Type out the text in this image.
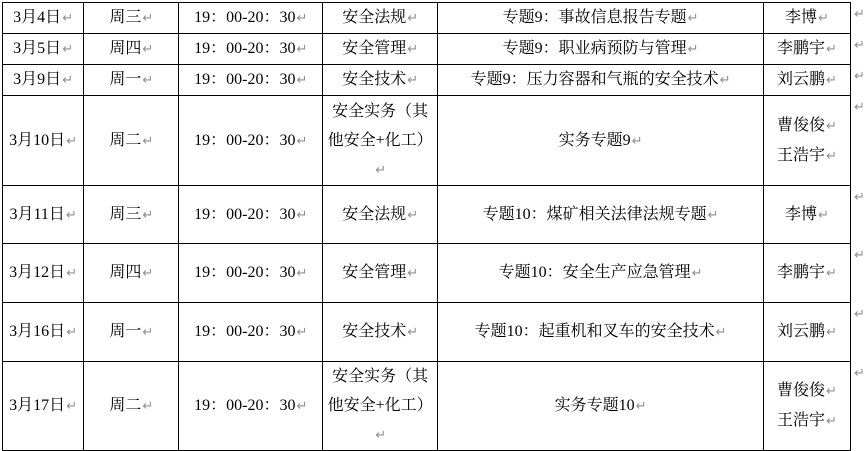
3月4日↵	周三↵	19：00-20：30↵	安全法规↵	专题9：事故信息报告专题↵	李博↵	↵

3月5日↵	周四↵	19：00-20：30↵	安全管理↵	专题9：职业病预防与管理↵	李鹏宇↵	↵

3月9日↵	周一↵	19：00-20：30↵	安全技术↵	专题9：压力容器和气瓶的安全技术↵	刘云鹏↵	↵

3月10日↵	周二↵	19：00-20：30↵	安全实务（其他安全+化工）↵	实务专题9↵	曹俊俊↵
王浩宇↵	↵

3月11日↵	周三↵	19：00-20：30↵	安全法规↵	专题10：煤矿相关法律法规专题↵	李博↵	↵

3月12日↵	周四↵	19：00-20：30↵	安全管理↵	专题10：安全生产应急管理↵	李鹏宇↵	↵

3月16日↵	周一↵	19：00-20：30↵	安全技术↵	专题10：起重机和叉车的安全技术↵	刘云鹏↵	↵

3月17日↵	周二↵	19：00-20：30↵	安全实务（其他安全+化工）↵	实务专题10↵	曹俊俊↵
王浩宇↵	↵
